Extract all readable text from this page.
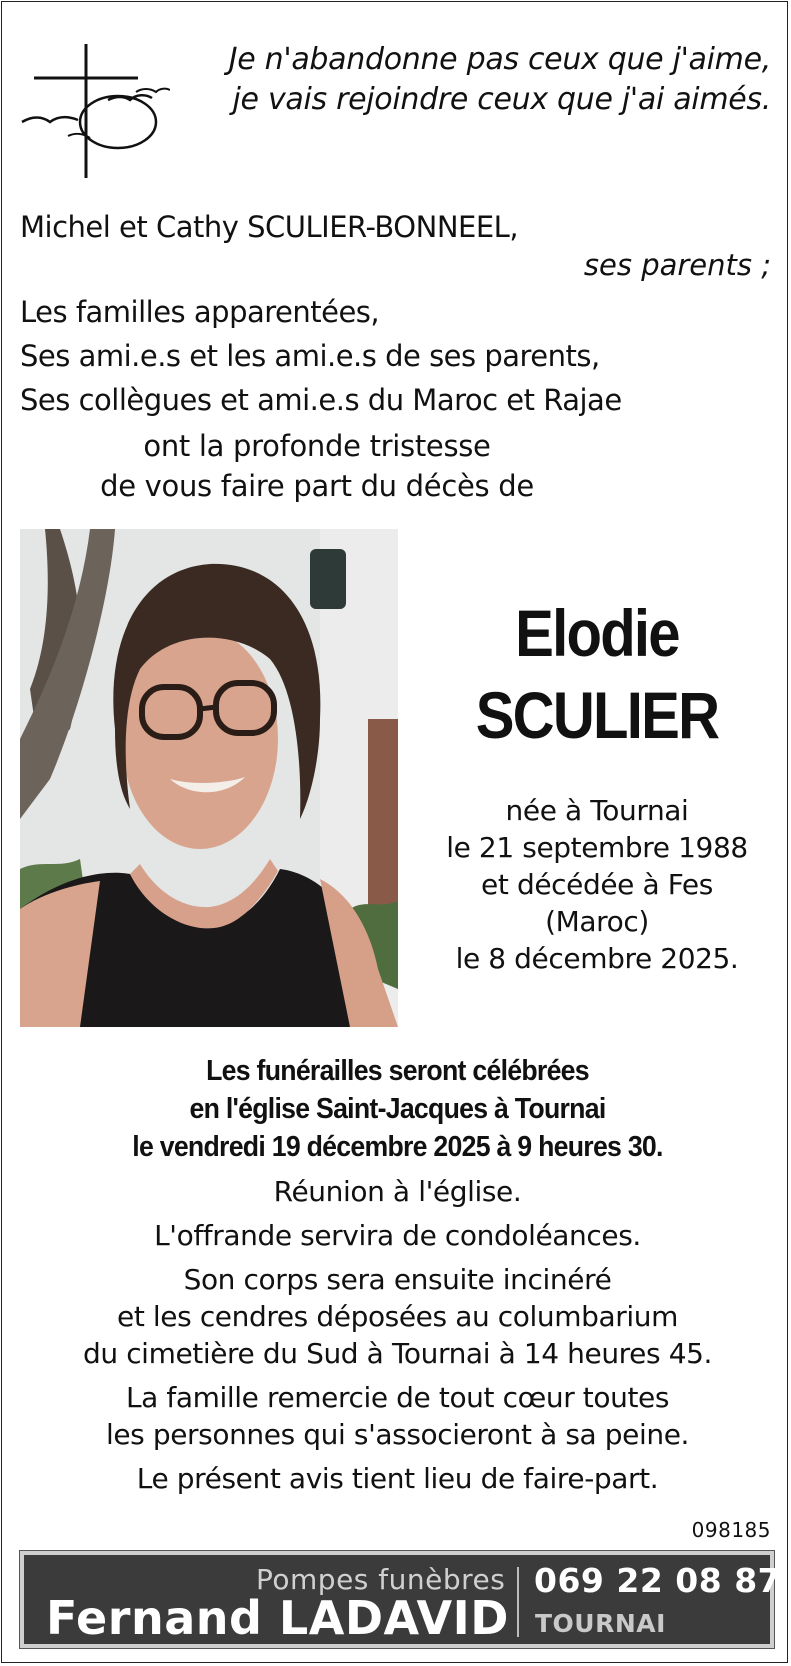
Je n'abandonne pas ceux que j'aime,
je vais rejoindre ceux que j'ai aimés.
Michel et Cathy SCULIER-BONNEEL,
ses parents ;
Les familles apparentées,
Ses ami.e.s et les ami.e.s de ses parents,
Ses collègues et ami.e.s du Maroc et Rajae
ont la profonde tristesse
de vous faire part du décès de
Elodie
SCULIER
née à Tournai
le 21 septembre 1988
et décédée à Fes
(Maroc)
le 8 décembre 2025.
Les funérailles seront célébrées
en l'église Saint-Jacques à Tournai
le vendredi 19 décembre 2025 à 9 heures 30.
Réunion à l'église.
L'offrande servira de condoléances.
Son corps sera ensuite incinéré
et les cendres déposées au columbarium
du cimetière du Sud à Tournai à 14 heures 45.
La famille remercie de tout cœur toutes
les personnes qui s'associeront à sa peine.
Le présent avis tient lieu de faire-part.
098185
Pompes funèbres
Fernand LADAVID
069 22 08 87
TOURNAI
